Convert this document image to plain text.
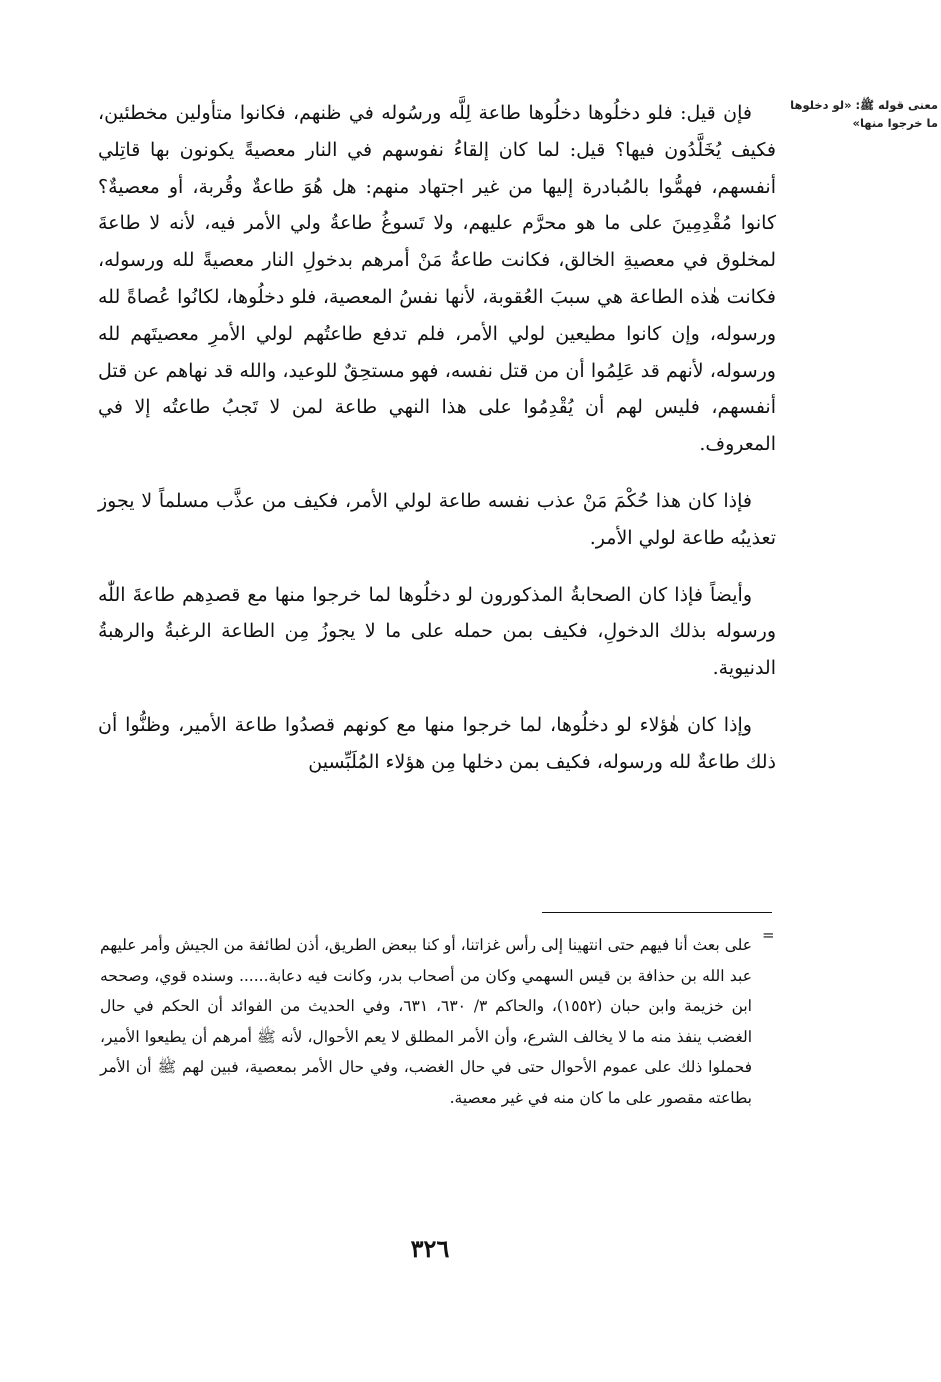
معنى قوله ﷺ: «لو دخلوها ما خرجوا منها»

فإن قيل: فلو دخلُوها دخلُوها طاعة لِلَّه ورسُوله في ظنهم، فكانوا متأولين مخطئين، فكيف يُخَلَّدُون فيها؟ قيل: لما كان إلقاءُ نفوسهم في النار معصيةً يكونون بها قاتِلي أنفسهم، فهمُّوا بالمُبادرة إليها من غير اجتهاد منهم: هل هُوَ طاعةٌ وقُربة، أو معصيةٌ؟ كانوا مُقْدِمِينَ على ما هو محرَّم عليهم، ولا تَسوغُ طاعةُ ولي الأمر فيه، لأنه لا طاعةَ لمخلوق في معصيةِ الخالق، فكانت طاعةُ مَنْ أمرهم بدخولِ النار معصيةً لله ورسوله، فكانت هٰذه الطاعة هي سببَ العُقوبة، لأنها نفسُ المعصية، فلو دخلُوها، لكانُوا عُصاةً لله ورسوله، وإن كانوا مطيعين لولي الأمر، فلم تدفع طاعتُهم لولي الأمرِ معصيتَهم لله ورسوله، لأنهم قد عَلِمُوا أن من قتل نفسه، فهو مستحِقٌ للوعيد، والله قد نهاهم عن قتل أنفسهم، فليس لهم أن يُقْدِمُوا على هذا النهي طاعة لمن لا تَجبُ طاعتُه إلا في المعروف.

فإذا كان هذا حُكْمَ مَنْ عذب نفسه طاعة لولي الأمر، فكيف من عذَّب مسلماً لا يجوز تعذيبُه طاعة لولي الأمر.

وأيضاً فإذا كان الصحابةُ المذكورون لو دخلُوها لما خرجوا منها مع قصدِهم طاعةَ اللّٰه ورسوله بذلك الدخولِ، فكيف بمن حمله على ما لا يجوزُ مِن الطاعة الرغبةُ والرهبةُ الدنيوية.

وإذا كان هٰؤلاء لو دخلُوها، لما خرجوا منها مع كونهم قصدُوا طاعة الأمير، وظنُّوا أن ذلك طاعةٌ لله ورسوله، فكيف بمن دخلها مِن هؤلاء المُلَبِّسين

=

على بعث أنا فيهم حتى انتهينا إلى رأس غزاتنا، أو كنا ببعض الطريق، أذن لطائفة من الجيش وأمر عليهم عبد الله بن حذافة بن قيس السهمي وكان من أصحاب بدر، وكانت فيه دعابة...... وسنده قوي، وصححه ابن خزيمة وابن حبان (١٥٥٢)، والحاكم ٣/ ٦٣٠، ٦٣١، وفي الحديث من الفوائد أن الحكم في حال الغضب ينفذ منه ما لا يخالف الشرع، وأن الأمر المطلق لا يعم الأحوال، لأنه ﷺ أمرهم أن يطيعوا الأمير، فحملوا ذلك على عموم الأحوال حتى في حال الغضب، وفي حال الأمر بمعصية، فبين لهم ﷺ أن الأمر بطاعته مقصور على ما كان منه في غير معصية.

٣٢٦
